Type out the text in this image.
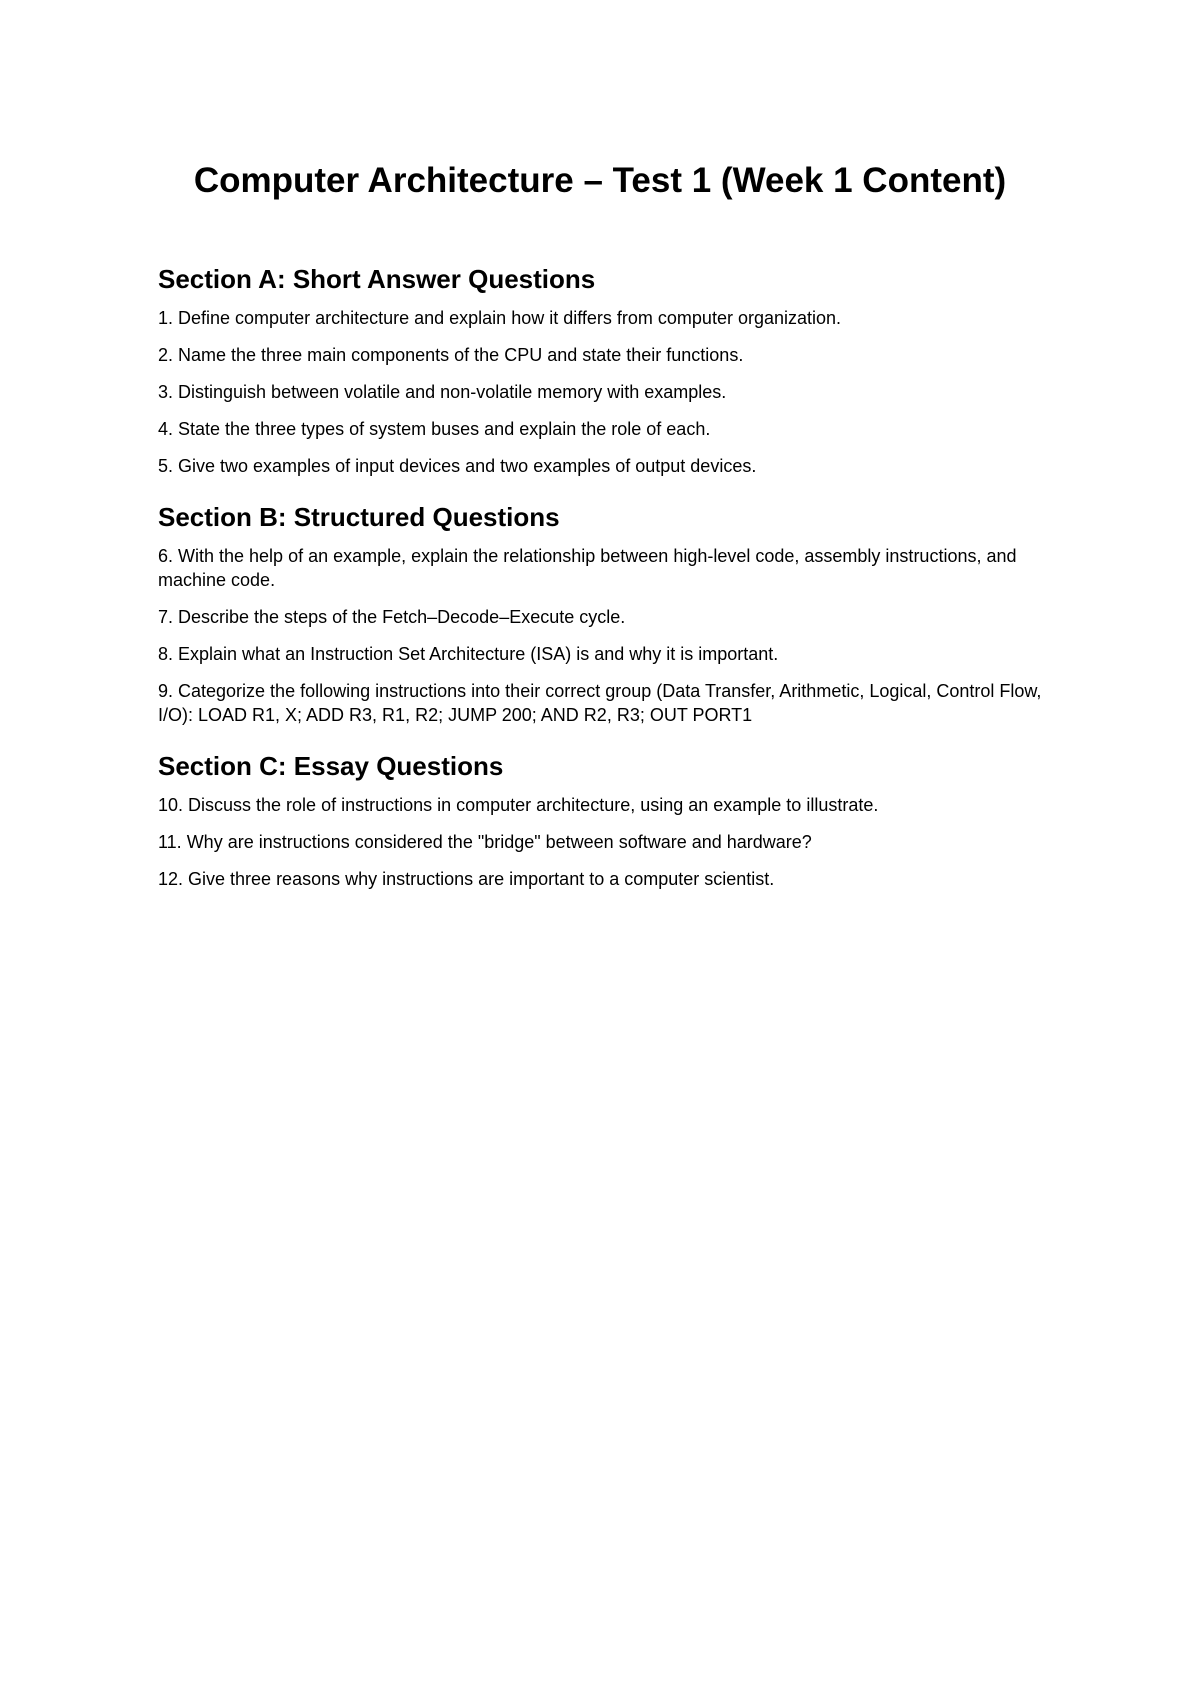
Computer Architecture – Test 1 (Week 1 Content)
Section A: Short Answer Questions

1. Define computer architecture and explain how it differs from computer organization.

2. Name the three main components of the CPU and state their functions.

3. Distinguish between volatile and non-volatile memory with examples.

4. State the three types of system buses and explain the role of each.

5. Give two examples of input devices and two examples of output devices.

Section B: Structured Questions

6. With the help of an example, explain the relationship between high-level code, assembly instructions, and machine code.

7. Describe the steps of the Fetch–Decode–Execute cycle.

8. Explain what an Instruction Set Architecture (ISA) is and why it is important.

9. Categorize the following instructions into their correct group (Data Transfer, Arithmetic, Logical, Control Flow, I/O): LOAD R1, X; ADD R3, R1, R2; JUMP 200; AND R2, R3; OUT PORT1

Section C: Essay Questions

10. Discuss the role of instructions in computer architecture, using an example to illustrate.

11. Why are instructions considered the "bridge" between software and hardware?

12. Give three reasons why instructions are important to a computer scientist.
